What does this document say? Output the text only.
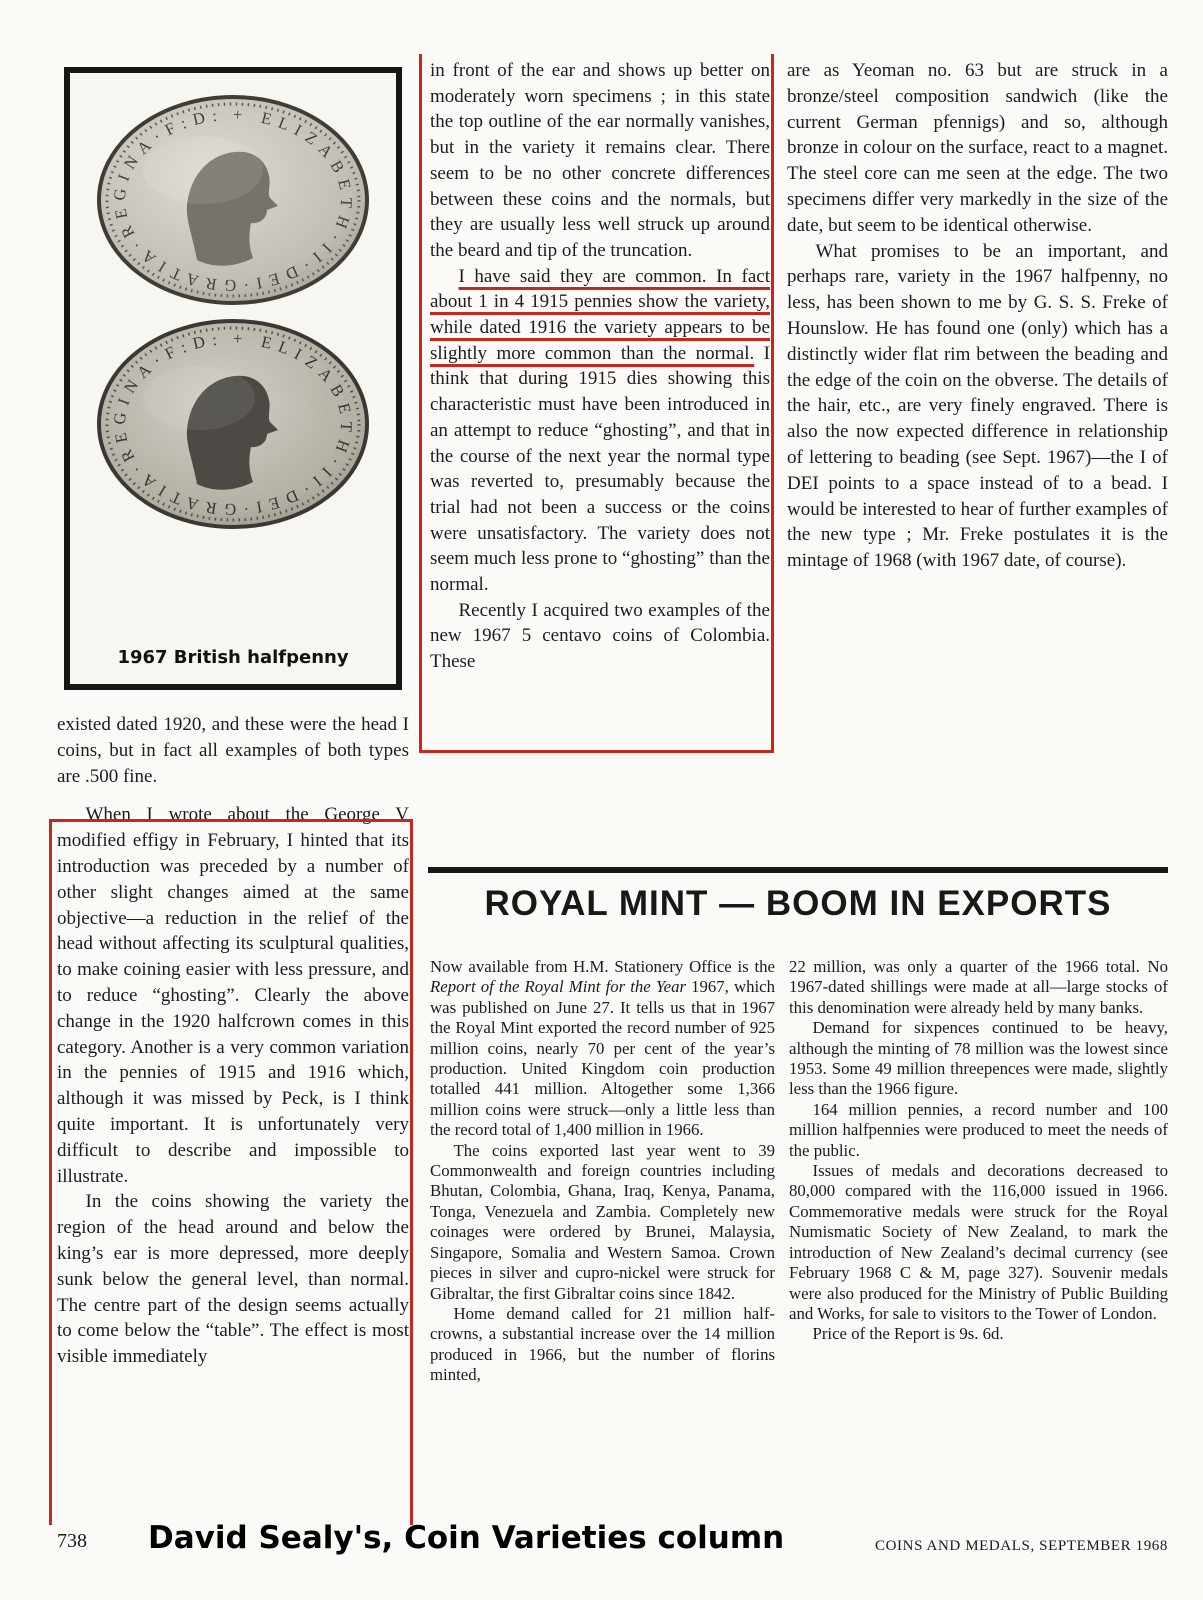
+ ELIZABETH·II·DEI·GRATIA·REGINA·F:D:
+ ELIZABETH·II·DEI·GRATIA·REGINA·F:D:
1967 British halfpenny

existed dated 1920, and these were the head I coins, but in fact all examples of both types are .500 fine.

When I wrote about the George V modified effigy in February, I hinted that its introduction was preceded by a number of other slight changes aimed at the same objective—a reduction in the relief of the head without affecting its sculptural qualities, to make coining easier with less pressure, and to reduce “ghosting”. Clearly the above change in the 1920 halfcrown comes in this category. Another is a very common variation in the pennies of 1915 and 1916 which, although it was missed by Peck, is I think quite important. It is unfortunately very difficult to describe and impossible to illustrate.

In the coins showing the variety the region of the head around and below the king’s ear is more depressed, more deeply sunk below the general level, than normal. The centre part of the design seems actually to come below the “table”. The effect is most visible immediately

in front of the ear and shows up better on moderately worn specimens ; in this state the top outline of the ear normally vanishes, but in the variety it remains clear. There seem to be no other concrete differences between these coins and the normals, but they are usually less well struck up around the beard and tip of the truncation.

I have said they are common. In fact about 1 in 4 1915 pennies show the variety, while dated 1916 the variety appears to be slightly more common than the normal. I think that during 1915 dies showing this characteristic must have been introduced in an attempt to reduce “ghosting”, and that in the course of the next year the normal type was reverted to, presumably because the trial had not been a success or the coins were unsatisfactory. The variety does not seem much less prone to “ghosting” than the normal.

Recently I acquired two examples of the new 1967 5 centavo coins of Colombia. These

are as Yeoman no. 63 but are struck in a bronze/steel composition sandwich (like the current German pfennigs) and so, although bronze in colour on the surface, react to a magnet. The steel core can me seen at the edge. The two specimens differ very markedly in the size of the date, but seem to be identical otherwise.

What promises to be an important, and perhaps rare, variety in the 1967 halfpenny, no less, has been shown to me by G. S. S. Freke of Hounslow. He has found one (only) which has a distinctly wider flat rim between the beading and the edge of the coin on the obverse. The details of the hair, etc., are very finely engraved. There is also the now expected difference in relationship of lettering to beading (see Sept. 1967)—the I of DEI points to a space instead of to a bead. I would be interested to hear of further examples of the new type ; Mr. Freke postulates it is the mintage of 1968 (with 1967 date, of course).

ROYAL MINT — BOOM IN EXPORTS

Now available from H.M. Stationery Office is the Report of the Royal Mint for the Year 1967, which was published on June 27. It tells us that in 1967 the Royal Mint exported the record number of 925 million coins, nearly 70 per cent of the year’s production. United Kingdom coin production totalled 441 million. Altogether some 1,366 million coins were struck—only a little less than the record total of 1,400 million in 1966.

The coins exported last year went to 39 Commonwealth and foreign countries including Bhutan, Colombia, Ghana, Iraq, Kenya, Panama, Tonga, Venezuela and Zambia. Completely new coinages were ordered by Brunei, Malaysia, Singapore, Somalia and Western Samoa. Crown pieces in silver and cupro-nickel were struck for Gibraltar, the first Gibraltar coins since 1842.

Home demand called for 21 million half-crowns, a substantial increase over the 14 million produced in 1966, but the number of florins minted,

22 million, was only a quarter of the 1966 total. No 1967-dated shillings were made at all—large stocks of this denomination were already held by many banks.

Demand for sixpences continued to be heavy, although the minting of 78 million was the lowest since 1953. Some 49 million threepences were made, slightly less than the 1966 figure.

164 million pennies, a record number and 100 million halfpennies were produced to meet the needs of the public.

Issues of medals and decorations decreased to 80,000 compared with the 116,000 issued in 1966. Commemorative medals were struck for the Royal Numismatic Society of New Zealand, to mark the introduction of New Zealand’s decimal currency (see February 1968 C & M, page 327). Souvenir medals were also produced for the Ministry of Public Building and Works, for sale to visitors to the Tower of London.

Price of the Report is 9s. 6d.

738 David Sealy's, Coin Varieties column	COINS AND MEDALS, SEPTEMBER 1968
